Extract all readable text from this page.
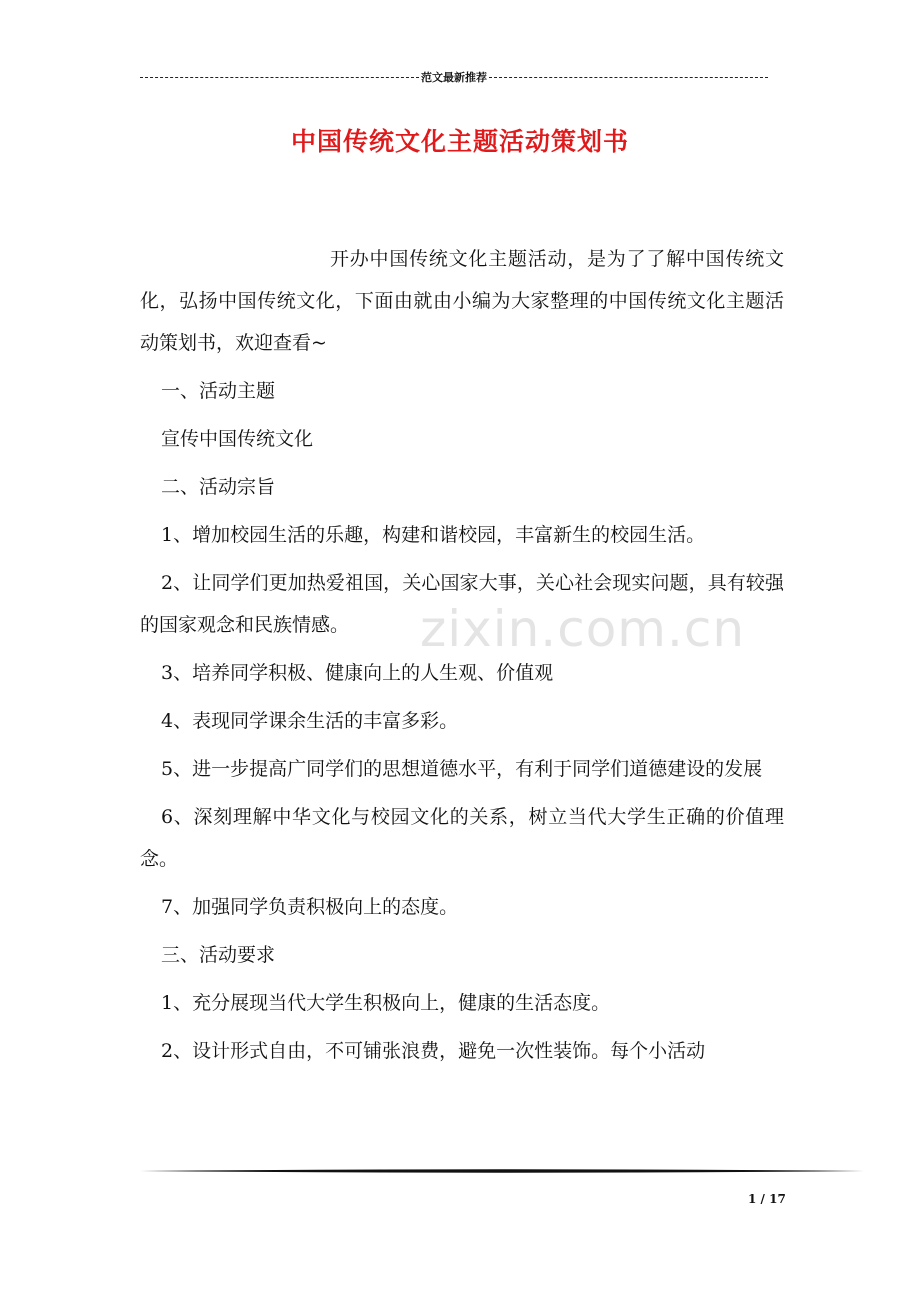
范文最新推荐
中国传统文化主题活动策划书

开办中国传统文化主题活动，是为了了解中国传统文化，弘扬中国传统文化，下面由就由小编为大家整理的中国传统文化主题活动策划书，欢迎查看~

一、活动主题

宣传中国传统文化

二、活动宗旨

1、增加校园生活的乐趣，构建和谐校园，丰富新生的校园生活。

2、让同学们更加热爱祖国，关心国家大事，关心社会现实问题，具有较强的国家观念和民族情感。

3、培养同学积极、健康向上的人生观、价值观

4、表现同学课余生活的丰富多彩。

5、进一步提高广同学们的思想道德水平，有利于同学们道德建设的发展

6、深刻理解中华文化与校园文化的关系，树立当代大学生正确的价值理念。

7、加强同学负责积极向上的态度。

三、活动要求

1、充分展现当代大学生积极向上，健康的生活态度。

2、设计形式自由，不可铺张浪费，避免一次性装饰。每个小活动

zixin.com.cn
1 / 17
